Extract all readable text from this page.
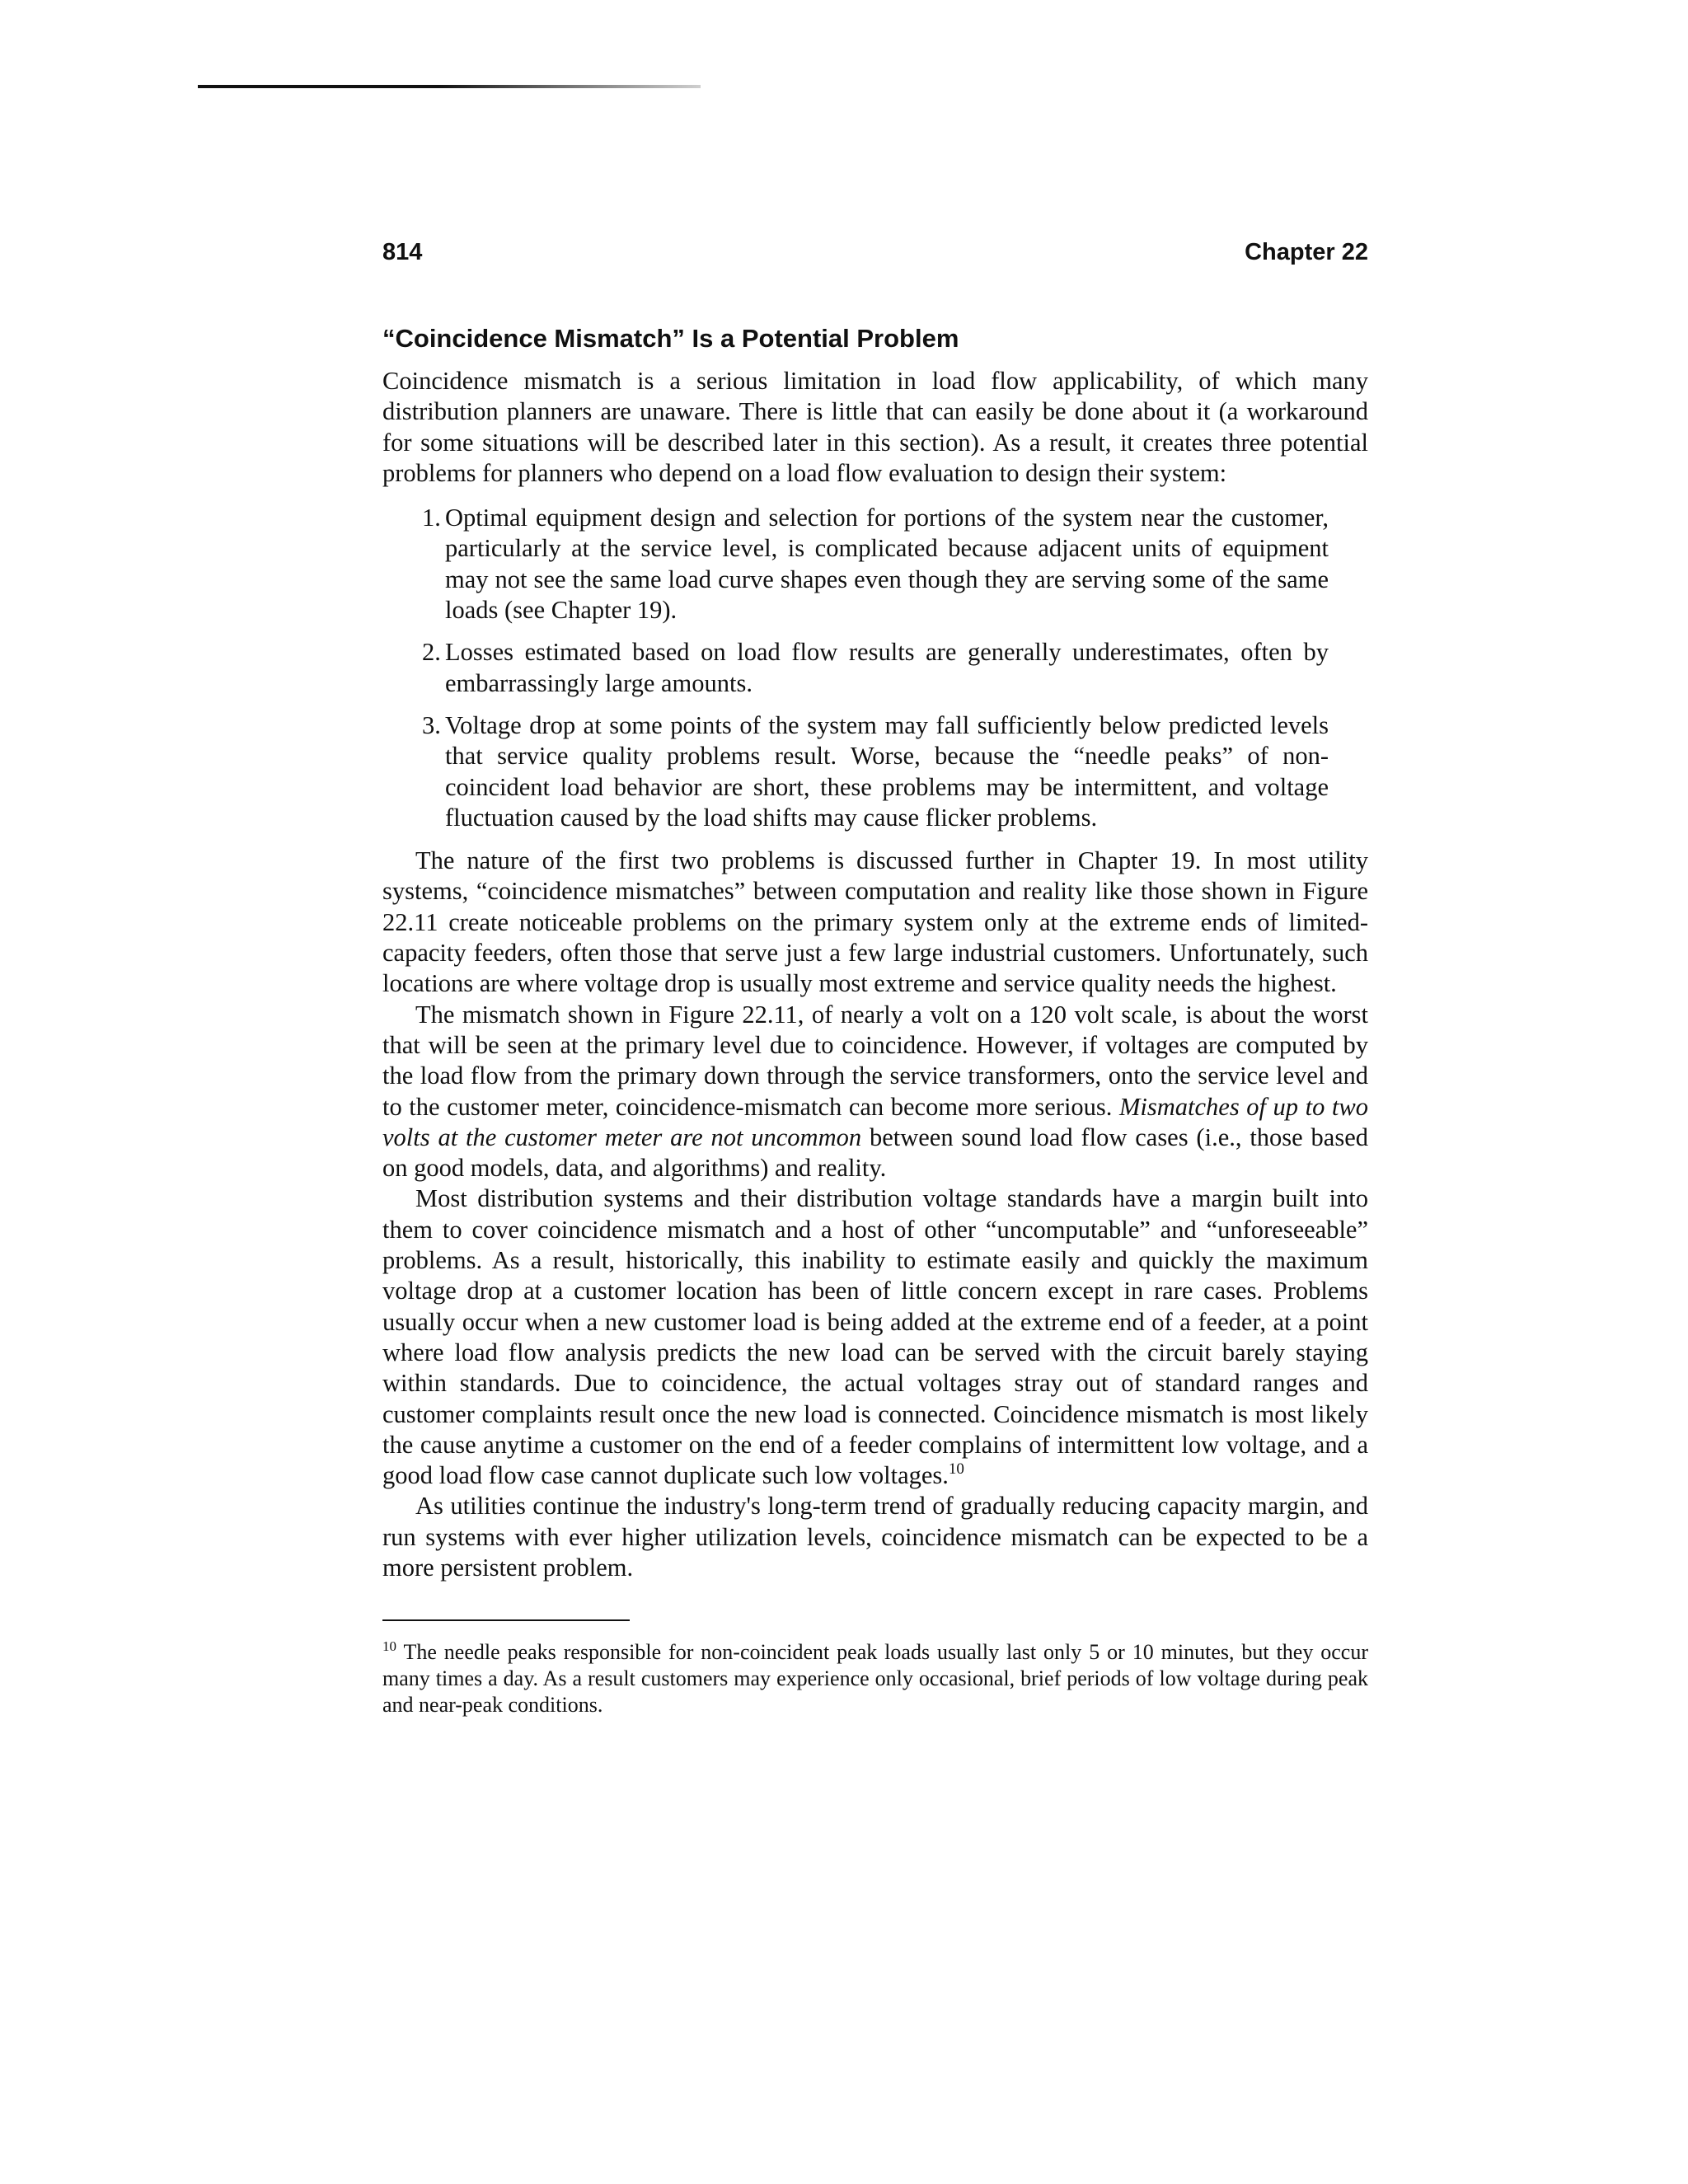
814	Chapter 22
“Coincidence Mismatch” Is a Potential Problem

Coincidence mismatch is a serious limitation in load flow applicability, of which many distribution planners are unaware. There is little that can easily be done about it (a workaround for some situations will be described later in this section). As a result, it creates three potential problems for planners who depend on a load flow evaluation to design their system:

1. Optimal equipment design and selection for portions of the system near the customer, particularly at the service level, is complicated because adjacent units of equipment may not see the same load curve shapes even though they are serving some of the same loads (see Chapter 19).
2. Losses estimated based on load flow results are generally underestimates, often by embarrassingly large amounts.
3. Voltage drop at some points of the system may fall sufficiently below predicted levels that service quality problems result. Worse, because the “needle peaks” of non-coincident load behavior are short, these problems may be intermittent, and voltage fluctuation caused by the load shifts may cause flicker problems.

The nature of the first two problems is discussed further in Chapter 19. In most utility systems, “coincidence mismatches” between computation and reality like those shown in Figure 22.11 create noticeable problems on the primary system only at the extreme ends of limited-capacity feeders, often those that serve just a few large industrial customers. Unfortunately, such locations are where voltage drop is usually most extreme and service quality needs the highest.

The mismatch shown in Figure 22.11, of nearly a volt on a 120 volt scale, is about the worst that will be seen at the primary level due to coincidence. However, if voltages are computed by the load flow from the primary down through the service transformers, onto the service level and to the customer meter, coincidence-mismatch can become more serious. Mismatches of up to two volts at the customer meter are not uncommon between sound load flow cases (i.e., those based on good models, data, and algorithms) and reality.

Most distribution systems and their distribution voltage standards have a margin built into them to cover coincidence mismatch and a host of other “uncomputable” and “unforeseeable” problems. As a result, historically, this inability to estimate easily and quickly the maximum voltage drop at a customer location has been of little concern except in rare cases. Problems usually occur when a new customer load is being added at the extreme end of a feeder, at a point where load flow analysis predicts the new load can be served with the circuit barely staying within standards. Due to coincidence, the actual voltages stray out of standard ranges and customer complaints result once the new load is connected. Coincidence mismatch is most likely the cause anytime a customer on the end of a feeder complains of intermittent low voltage, and a good load flow case cannot duplicate such low voltages.$^{10}$

As utilities continue the industry's long-term trend of gradually reducing capacity margin, and run systems with ever higher utilization levels, coincidence mismatch can be expected to be a more persistent problem.

$^{10}$ The needle peaks responsible for non-coincident peak loads usually last only 5 or 10 minutes, but they occur many times a day. As a result customers may experience only occasional, brief periods of low voltage during peak and near-peak conditions.
